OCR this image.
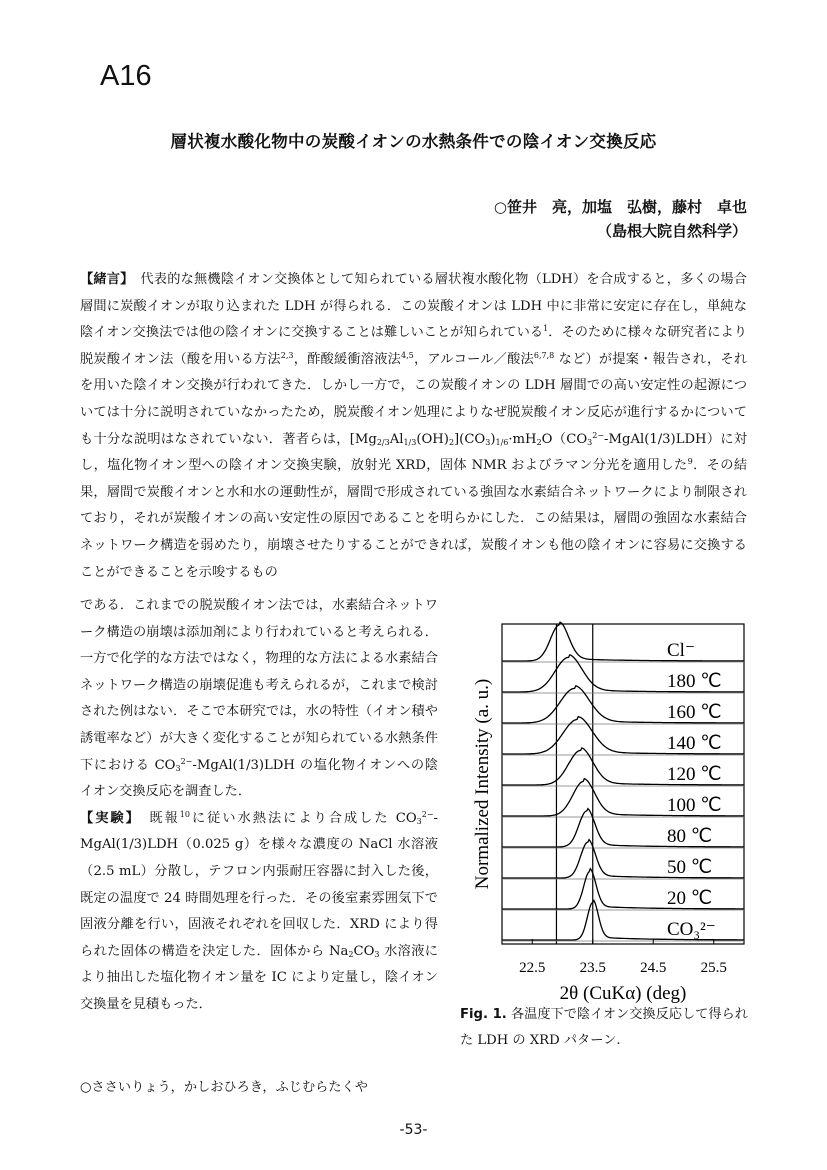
A16
層状複水酸化物中の炭酸イオンの水熱条件での陰イオン交換反応
○笹井　亮，加塩　弘樹，藤村　卓也
（島根大院自然科学）
【緒言】　代表的な無機陰イオン交換体として知られている層状複水酸化物（LDH）を合成すると，多くの場合層間に炭酸イオンが取り込まれた LDH が得られる．この炭酸イオンは LDH 中に非常に安定に存在し，単純な陰イオン交換法では他の陰イオンに交換することは難しいことが知られている$^1$．そのために様々な研究者により脱炭酸イオン法（酸を用いる方法$^{2,3}$，酢酸緩衝溶液法$^{4,5}$，アルコール／酸法$^{6,7,8}$ など）が提案・報告され，それを用いた陰イオン交換が行われてきた．しかし一方で，この炭酸イオンの LDH 層間での高い安定性の起源については十分に説明されていなかったため，脱炭酸イオン処理によりなぜ脱炭酸イオン反応が進行するかについても十分な説明はなされていない．著者らは，$[Mg_{2/3}Al_{1/3}(OH)_2](CO_3)_{1/6}\cdot mH_2O(CO_3^{2-}-MgAl(1/3)LDH)$に対し，塩化物イオン型への陰イオン交換実験，放射光 XRD，固体 NMR およびラマン分光を適用した$^9$．その結果，層間で炭酸イオンと水和水の運動性が，層間で形成されている強固な水素結合ネットワークにより制限されており，それが炭酸イオンの高い安定性の原因であることを明らかにした．この結果は，層間の強固な水素結合ネットワーク構造を弱めたり，崩壊させたりすることができれば，炭酸イオンも他の陰イオンに容易に交換することができることを示唆するもの
である．これまでの脱炭酸イオン法では，水素結合ネットワーク構造の崩壊は添加剤により行われていると考えられる．一方で化学的な方法ではなく，物理的な方法による水素結合ネットワーク構造の崩壊促進も考えられるが，これまで検討された例はない．そこで本研究では，水の特性（イオン積や誘電率など）が大きく変化することが知られている水熱条件下における $CO_3^{2-}-MgAl(1/3)LDH$ の塩化物イオンへの陰イオン交換反応を調査した．
【実験】　既報$^{10}$に従い水熱法により合成した $CO_3^{2-}-MgAl(1/3)LDH(0.025$ g）を様々な濃度の NaCl 水溶液（2.5 mL）分散し，テフロン内張耐圧容器に封入した後，既定の温度で 24 時間処理を行った．その後室素雰囲気下で固液分離を行い，固液それぞれを回収した．XRD により得られた固体の構造を決定した．固体から $Na_2CO_3$ 水溶液により抽出した塩化物イオン量を IC により定量し，陰イオン交換量を見積もった．
Cl⁻
180 ℃
160 ℃
140 ℃
120 ℃
100 ℃
80 ℃
50 ℃
20 ℃
CO₃²⁻
22.5 23.5 24.5 25.5
2θ (CuKα) (deg)
Normalized Intensity (a. u.)
Fig. 1. 各温度下で陰イオン交換反応して得られた LDH の XRD パターン.
○ささいりょう，かしおひろき，ふじむらたくや
-53-
